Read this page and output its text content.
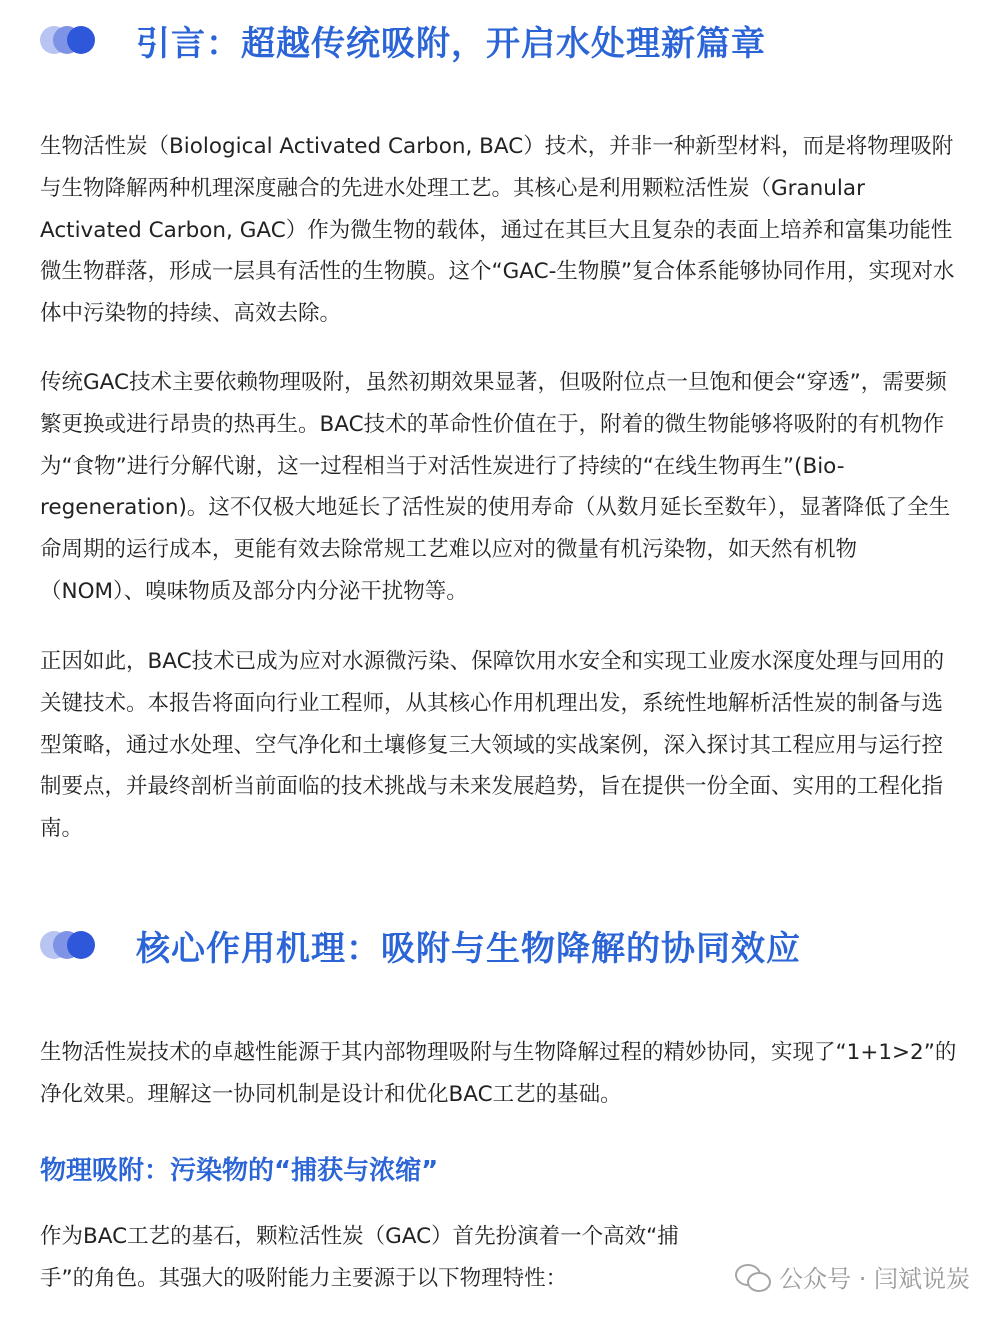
引言：超越传统吸附，开启水处理新篇章

生物活性炭（Biological Activated Carbon, BAC）技术，并非一种新型材料，而是将物理吸附与生物降解两种机理深度融合的先进水处理工艺。其核心是利用颗粒活性炭（Granular Activated Carbon, GAC）作为微生物的载体，通过在其巨大且复杂的表面上培养和富集功能性微生物群落，形成一层具有活性的生物膜。这个“GAC-生物膜”复合体系能够协同作用，实现对水体中污染物的持续、高效去除。

传统GAC技术主要依赖物理吸附，虽然初期效果显著，但吸附位点一旦饱和便会“穿透”，需要频繁更换或进行昂贵的热再生。BAC技术的革命性价值在于，附着的微生物能够将吸附的有机物作为“食物”进行分解代谢，这一过程相当于对活性炭进行了持续的“在线生物再生”(Bio-regeneration)。这不仅极大地延长了活性炭的使用寿命（从数月延长至数年），显著降低了全生命周期的运行成本，更能有效去除常规工艺难以应对的微量有机污染物，如天然有机物（NOM）、嗅味物质及部分内分泌干扰物等。

正因如此，BAC技术已成为应对水源微污染、保障饮用水安全和实现工业废水深度处理与回用的关键技术。本报告将面向行业工程师，从其核心作用机理出发，系统性地解析活性炭的制备与选型策略，通过水处理、空气净化和土壤修复三大领域的实战案例，深入探讨其工程应用与运行控制要点，并最终剖析当前面临的技术挑战与未来发展趋势，旨在提供一份全面、实用的工程化指南。

核心作用机理：吸附与生物降解的协同效应

生物活性炭技术的卓越性能源于其内部物理吸附与生物降解过程的精妙协同，实现了“1+1>2”的净化效果。理解这一协同机制是设计和优化BAC工艺的基础。

物理吸附：污染物的“捕获与浓缩”

作为BAC工艺的基石，颗粒活性炭（GAC）首先扮演着一个高效“捕手”的角色。其强大的吸附能力主要源于以下物理特性：	公众号 · 闫斌说炭
